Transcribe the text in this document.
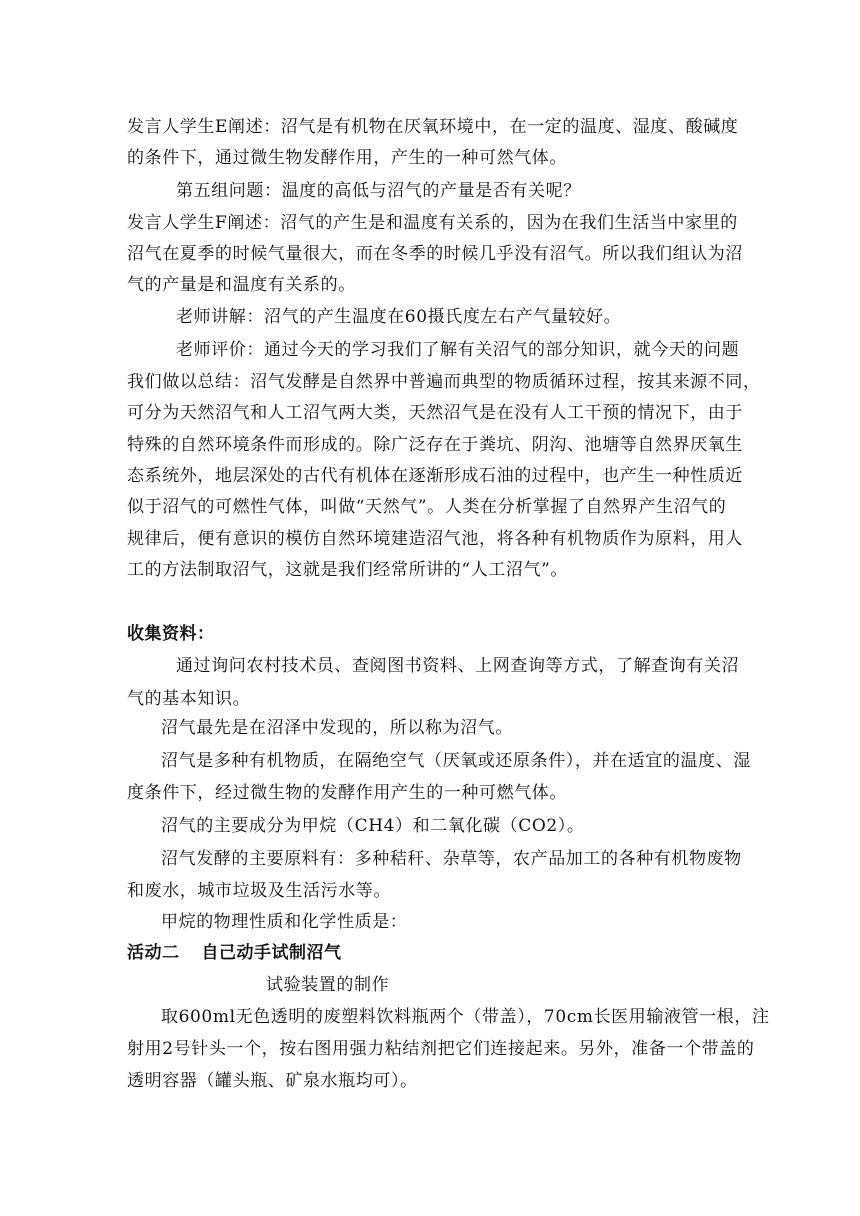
发言人学生E阐述：沼气是有机物在厌氧环境中，在一定的温度、湿度、酸碱度
的条件下，通过微生物发酵作用，产生的一种可然气体。
第五组问题：温度的高低与沼气的产量是否有关呢？
发言人学生F阐述：沼气的产生是和温度有关系的，因为在我们生活当中家里的
沼气在夏季的时候气量很大，而在冬季的时候几乎没有沼气。所以我们组认为沼
气的产量是和温度有关系的。
老师讲解：沼气的产生温度在60摄氏度左右产气量较好。
老师评价：通过今天的学习我们了解有关沼气的部分知识，就今天的问题
我们做以总结：沼气发酵是自然界中普遍而典型的物质循环过程，按其来源不同，
可分为天然沼气和人工沼气两大类，天然沼气是在没有人工干预的情况下，由于
特殊的自然环境条件而形成的。除广泛存在于粪坑、阴沟、池塘等自然界厌氧生
态系统外，地层深处的古代有机体在逐渐形成石油的过程中，也产生一种性质近
似于沼气的可燃性气体，叫做“天然气”。人类在分析掌握了自然界产生沼气的
规律后，便有意识的模仿自然环境建造沼气池，将各种有机物质作为原料，用人
工的方法制取沼气，这就是我们经常所讲的“人工沼气”。
收集资料：
通过询问农村技术员、查阅图书资料、上网查询等方式，了解查询有关沼
气的基本知识。
沼气最先是在沼泽中发现的，所以称为沼气。
沼气是多种有机物质，在隔绝空气（厌氧或还原条件），并在适宜的温度、湿
度条件下，经过微生物的发酵作用产生的一种可燃气体。
沼气的主要成分为甲烷（CH4）和二氧化碳（CO2）。
沼气发酵的主要原料有：多种秸秆、杂草等，农产品加工的各种有机物废物
和废水，城市垃圾及生活污水等。
甲烷的物理性质和化学性质是：
活动二 自己动手试制沼气
试验装置的制作
取600ml无色透明的废塑料饮料瓶两个（带盖），70cm长医用输液管一根，注
射用2号针头一个，按右图用强力粘结剂把它们连接起来。另外，准备一个带盖的
透明容器（罐头瓶、矿泉水瓶均可）。
